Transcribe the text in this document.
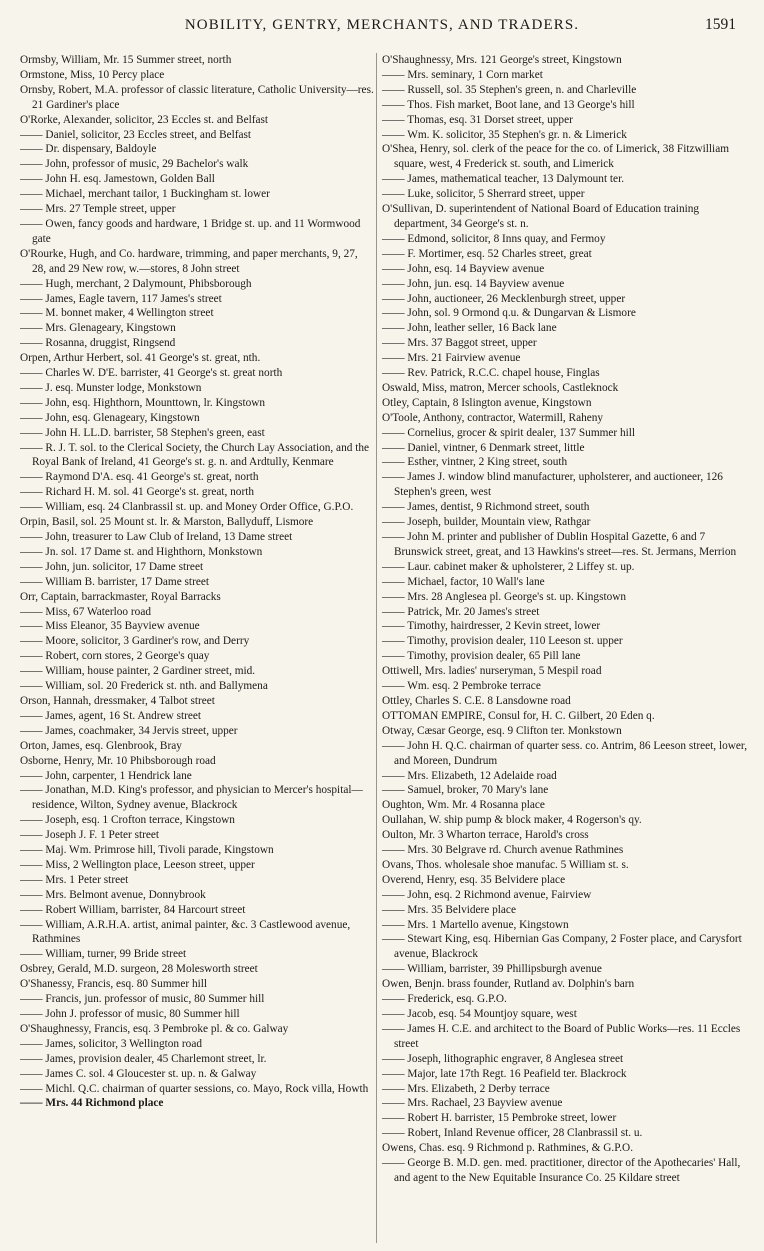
NOBILITY, GENTRY, MERCHANTS, AND TRADERS.	1591
Ormsby, William, Mr. 15 Summer street, north
Ormstone, Miss, 10 Percy place
Ornsby, Robert, M.A. professor of classic literature, Catholic University—res. 21 Gardiner's place
O'Rorke, Alexander, solicitor, 23 Eccles st. and Belfast
—— Daniel, solicitor, 23 Eccles street, and Belfast
—— Dr. dispensary, Baldoyle
—— John, professor of music, 29 Bachelor's walk
—— John H. esq. Jamestown, Golden Ball
—— Michael, merchant tailor, 1 Buckingham st. lower
—— Mrs. 27 Temple street, upper
—— Owen, fancy goods and hardware, 1 Bridge st. up. and 11 Wormwood gate
O'Rourke, Hugh, and Co. hardware, trimming, and paper merchants, 9, 27, 28, and 29 New row, w.—stores, 8 John street
—— Hugh, merchant, 2 Dalymount, Phibsborough
—— James, Eagle tavern, 117 James's street
—— M. bonnet maker, 4 Wellington street
—— Mrs. Glenageary, Kingstown
—— Rosanna, druggist, Ringsend
Orpen, Arthur Herbert, sol. 41 George's st. great, nth.
—— Charles W. D'E. barrister, 41 George's st. great north
—— J. esq. Munster lodge, Monkstown
—— John, esq. Highthorn, Mounttown, lr. Kingstown
—— John, esq. Glenageary, Kingstown
—— John H. LL.D. barrister, 58 Stephen's green, east
—— R. J. T. sol. to the Clerical Society, the Church Lay Association, and the Royal Bank of Ireland, 41 George's st. g. n. and Ardtully, Kenmare
—— Raymond D'A. esq. 41 George's st. great, north
—— Richard H. M. sol. 41 George's st. great, north
—— William, esq. 24 Clanbrassil st. up. and Money Order Office, G.P.O.
Orpin, Basil, sol. 25 Mount st. lr. & Marston, Ballyduff, Lismore
—— John, treasurer to Law Club of Ireland, 13 Dame street
—— Jn. sol. 17 Dame st. and Highthorn, Monkstown
—— John, jun. solicitor, 17 Dame street
—— William B. barrister, 17 Dame street
Orr, Captain, barrackmaster, Royal Barracks
—— Miss, 67 Waterloo road
—— Miss Eleanor, 35 Bayview avenue
—— Moore, solicitor, 3 Gardiner's row, and Derry
—— Robert, corn stores, 2 George's quay
—— William, house painter, 2 Gardiner street, mid.
—— William, sol. 20 Frederick st. nth. and Ballymena
Orson, Hannah, dressmaker, 4 Talbot street
—— James, agent, 16 St. Andrew street
—— James, coachmaker, 34 Jervis street, upper
Orton, James, esq. Glenbrook, Bray
Osborne, Henry, Mr. 10 Phibsborough road
—— John, carpenter, 1 Hendrick lane
—— Jonathan, M.D. King's professor, and physician to Mercer's hospital—residence, Wilton, Sydney avenue, Blackrock
—— Joseph, esq. 1 Crofton terrace, Kingstown
—— Joseph J. F. 1 Peter street
—— Maj. Wm. Primrose hill, Tivoli parade, Kingstown
—— Miss, 2 Wellington place, Leeson street, upper
—— Mrs. 1 Peter street
—— Mrs. Belmont avenue, Donnybrook
—— Robert William, barrister, 84 Harcourt street
—— William, A.R.H.A. artist, animal painter, &c. 3 Castlewood avenue, Rathmines
—— William, turner, 99 Bride street
Osbrey, Gerald, M.D. surgeon, 28 Molesworth street
O'Shanessy, Francis, esq. 80 Summer hill
—— Francis, jun. professor of music, 80 Summer hill
—— John J. professor of music, 80 Summer hill
O'Shaughnessy, Francis, esq. 3 Pembroke pl. & co. Galway
—— James, solicitor, 3 Wellington road
—— James, provision dealer, 45 Charlemont street, lr.
—— James C. sol. 4 Gloucester st. up. n. & Galway
—— Michl. Q.C. chairman of quarter sessions, co. Mayo, Rock villa, Howth
—— Mrs. 44 Richmond place
O'Shaughnessy, Mrs. 121 George's street, Kingstown
—— Mrs. seminary, 1 Corn market
—— Russell, sol. 35 Stephen's green, n. and Charleville
—— Thos. Fish market, Boot lane, and 13 George's hill
—— Thomas, esq. 31 Dorset street, upper
—— Wm. K. solicitor, 35 Stephen's gr. n. & Limerick
O'Shea, Henry, sol. clerk of the peace for the co. of Limerick, 38 Fitzwilliam square, west, 4 Frederick st. south, and Limerick
—— James, mathematical teacher, 13 Dalymount ter.
—— Luke, solicitor, 5 Sherrard street, upper
O'Sullivan, D. superintendent of National Board of Education training department, 34 George's st. n.
—— Edmond, solicitor, 8 Inns quay, and Fermoy
—— F. Mortimer, esq. 52 Charles street, great
—— John, esq. 14 Bayview avenue
—— John, jun. esq. 14 Bayview avenue
—— John, auctioneer, 26 Mecklenburgh street, upper
—— John, sol. 9 Ormond q.u. & Dungarvan & Lismore
—— John, leather seller, 16 Back lane
—— Mrs. 37 Baggot street, upper
—— Mrs. 21 Fairview avenue
—— Rev. Patrick, R.C.C. chapel house, Finglas
Oswald, Miss, matron, Mercer schools, Castleknock
Otley, Captain, 8 Islington avenue, Kingstown
O'Toole, Anthony, contractor, Watermill, Raheny
—— Cornelius, grocer & spirit dealer, 137 Summer hill
—— Daniel, vintner, 6 Denmark street, little
—— Esther, vintner, 2 King street, south
—— James J. window blind manufacturer, upholsterer, and auctioneer, 126 Stephen's green, west
—— James, dentist, 9 Richmond street, south
—— Joseph, builder, Mountain view, Rathgar
—— John M. printer and publisher of Dublin Hospital Gazette, 6 and 7 Brunswick street, great, and 13 Hawkins's street—res. St. Jermans, Merrion
—— Laur. cabinet maker & upholsterer, 2 Liffey st. up.
—— Michael, factor, 10 Wall's lane
—— Mrs. 28 Anglesea pl. George's st. up. Kingstown
—— Patrick, Mr. 20 James's street
—— Timothy, hairdresser, 2 Kevin street, lower
—— Timothy, provision dealer, 110 Leeson st. upper
—— Timothy, provision dealer, 65 Pill lane
Ottiwell, Mrs. ladies' nurseryman, 5 Mespil road
—— Wm. esq. 2 Pembroke terrace
Ottley, Charles S. C.E. 8 Lansdowne road
OTTOMAN EMPIRE, Consul for, H. C. Gilbert, 20 Eden q.
Otway, Cæsar George, esq. 9 Clifton ter. Monkstown
—— John H. Q.C. chairman of quarter sess. co. Antrim, 86 Leeson street, lower, and Moreen, Dundrum
—— Mrs. Elizabeth, 12 Adelaide road
—— Samuel, broker, 70 Mary's lane
Oughton, Wm. Mr. 4 Rosanna place
Oullahan, W. ship pump & block maker, 4 Rogerson's qy.
Oulton, Mr. 3 Wharton terrace, Harold's cross
—— Mrs. 30 Belgrave rd. Church avenue Rathmines
Ovans, Thos. wholesale shoe manufac. 5 William st. s.
Overend, Henry, esq. 35 Belvidere place
—— John, esq. 2 Richmond avenue, Fairview
—— Mrs. 35 Belvidere place
—— Mrs. 1 Martello avenue, Kingstown
—— Stewart King, esq. Hibernian Gas Company, 2 Foster place, and Carysfort avenue, Blackrock
—— William, barrister, 39 Phillipsburgh avenue
Owen, Benjn. brass founder, Rutland av. Dolphin's barn
—— Frederick, esq. G.P.O.
—— Jacob, esq. 54 Mountjoy square, west
—— James H. C.E. and architect to the Board of Public Works—res. 11 Eccles street
—— Joseph, lithographic engraver, 8 Anglesea street
—— Major, late 17th Regt. 16 Peafield ter. Blackrock
—— Mrs. Elizabeth, 2 Derby terrace
—— Mrs. Rachael, 23 Bayview avenue
—— Robert H. barrister, 15 Pembroke street, lower
—— Robert, Inland Revenue officer, 28 Clanbrassil st. u.
Owens, Chas. esq. 9 Richmond p. Rathmines, & G.P.O.
—— George B. M.D. gen. med. practitioner, director of the Apothecaries' Hall, and agent to the New Equitable Insurance Co. 25 Kildare street
